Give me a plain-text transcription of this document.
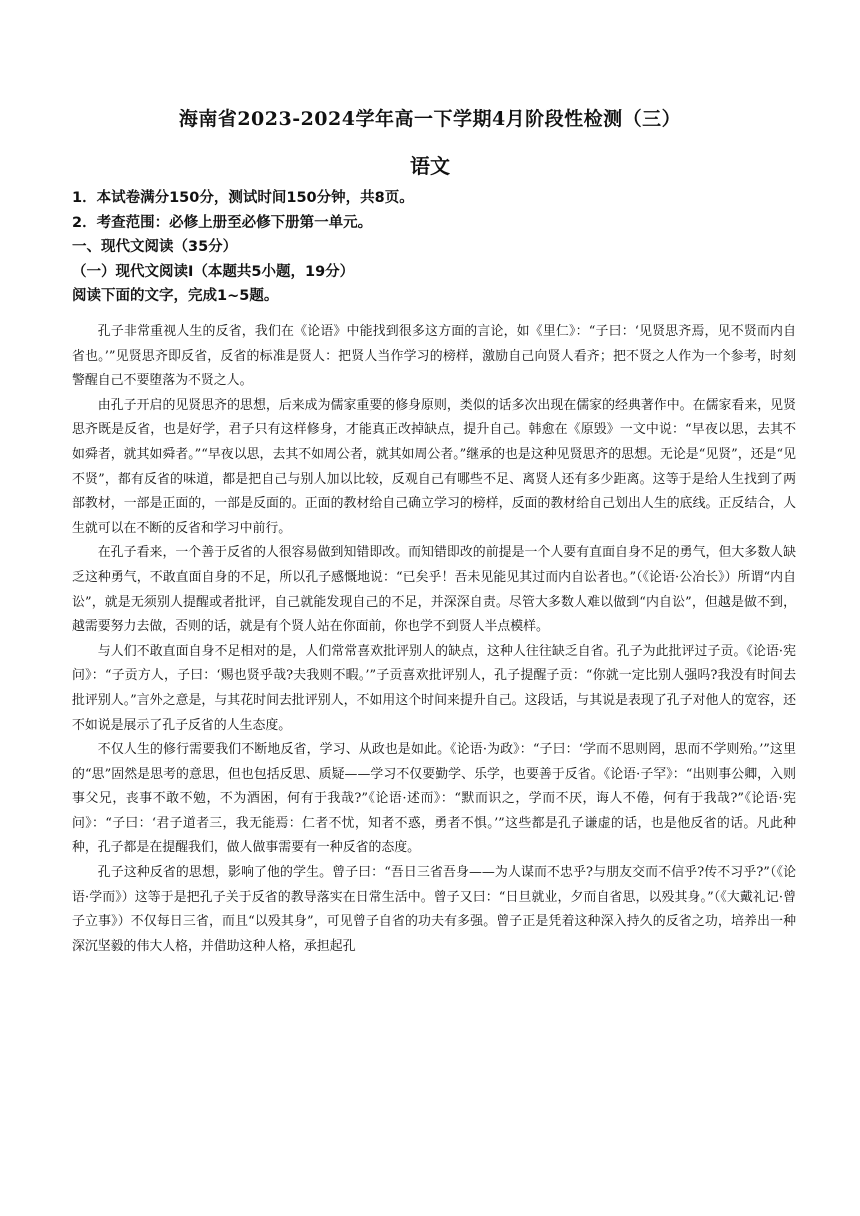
海南省2023-2024学年高一下学期4月阶段性检测（三）
语文
1．本试卷满分150分，测试时间150分钟，共8页。
2．考查范围：必修上册至必修下册第一单元。
一、现代文阅读（35分）
（一）现代文阅读Ⅰ（本题共5小题，19分）
阅读下面的文字，完成1~5题。

孔子非常重视人生的反省，我们在《论语》中能找到很多这方面的言论，如《里仁》：“子曰：‘见贤思齐焉，见不贤而内自省也。’”见贤思齐即反省，反省的标准是贤人：把贤人当作学习的榜样，激励自己向贤人看齐；把不贤之人作为一个参考，时刻警醒自己不要堕落为不贤之人。

由孔子开启的见贤思齐的思想，后来成为儒家重要的修身原则，类似的话多次出现在儒家的经典著作中。在儒家看来，见贤思齐既是反省，也是好学，君子只有这样修身，才能真正改掉缺点，提升自己。韩愈在《原毁》一文中说：“早夜以思，去其不如舜者，就其如舜者。”“早夜以思，去其不如周公者，就其如周公者。”继承的也是这种见贤思齐的思想。无论是“见贤”，还是“见不贤”，都有反省的味道，都是把自己与别人加以比较，反观自己有哪些不足、离贤人还有多少距离。这等于是给人生找到了两部教材，一部是正面的，一部是反面的。正面的教材给自己确立学习的榜样，反面的教材给自己划出人生的底线。正反结合，人生就可以在不断的反省和学习中前行。

在孔子看来，一个善于反省的人很容易做到知错即改。而知错即改的前提是一个人要有直面自身不足的勇气，但大多数人缺乏这种勇气，不敢直面自身的不足，所以孔子感慨地说：“已矣乎！吾未见能见其过而内自讼者也。”（《论语·公冶长》）所谓“内自讼”，就是无须别人提醒或者批评，自己就能发现自己的不足，并深深自责。尽管大多数人难以做到“内自讼”，但越是做不到，越需要努力去做，否则的话，就是有个贤人站在你面前，你也学不到贤人半点模样。

与人们不敢直面自身不足相对的是，人们常常喜欢批评别人的缺点，这种人往往缺乏自省。孔子为此批评过子贡。《论语·宪问》：“子贡方人，子曰：‘赐也贤乎哉?夫我则不暇。’”子贡喜欢批评别人，孔子提醒子贡：“你就一定比别人强吗?我没有时间去批评别人。”言外之意是，与其花时间去批评别人，不如用这个时间来提升自己。这段话，与其说是表现了孔子对他人的宽容，还不如说是展示了孔子反省的人生态度。

不仅人生的修行需要我们不断地反省，学习、从政也是如此。《论语·为政》：“子曰：‘学而不思则罔，思而不学则殆。’”这里的“思”固然是思考的意思，但也包括反思、质疑——学习不仅要勤学、乐学，也要善于反省。《论语·子罕》：“出则事公卿，入则事父兄，丧事不敢不勉，不为酒困，何有于我哉?”《论语·述而》：“默而识之，学而不厌，诲人不倦，何有于我哉?”《论语·宪问》：“子曰：‘君子道者三，我无能焉：仁者不忧，知者不惑，勇者不惧。’”这些都是孔子谦虚的话，也是他反省的话。凡此种种，孔子都是在提醒我们，做人做事需要有一种反省的态度。

孔子这种反省的思想，影响了他的学生。曾子曰：“吾日三省吾身——为人谋而不忠乎?与朋友交而不信乎?传不习乎?”（《论语·学而》）这等于是把孔子关于反省的教导落实在日常生活中。曾子又曰：“日旦就业，夕而自省思，以殁其身。”（《大戴礼记·曾子立事》）不仅每日三省，而且“以殁其身”，可见曾子自省的功夫有多强。曾子正是凭着这种深入持久的反省之功，培养出一种深沉坚毅的伟大人格，并借助这种人格，承担起孔
